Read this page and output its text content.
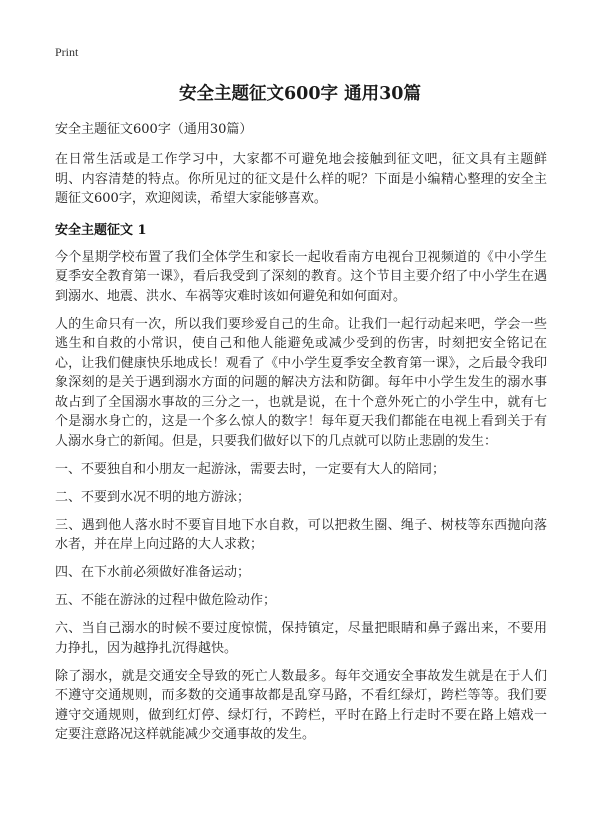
Print
安全主题征文600字 通用30篇
安全主题征文600字（通用30篇）

在日常生活或是工作学习中，大家都不可避免地会接触到征文吧，征文具有主题鲜明、内容清楚的特点。你所见过的征文是什么样的呢？下面是小编精心整理的安全主题征文600字，欢迎阅读，希望大家能够喜欢。

安全主题征文 1

今个星期学校布置了我们全体学生和家长一起收看南方电视台卫视频道的《中小学生夏季安全教育第一课》，看后我受到了深刻的教育。这个节目主要介绍了中小学生在遇到溺水、地震、洪水、车祸等灾难时该如何避免和如何面对。

人的生命只有一次，所以我们要珍爱自己的生命。让我们一起行动起来吧，学会一些逃生和自救的小常识，使自己和他人能避免或减少受到的伤害，时刻把安全铭记在心，让我们健康快乐地成长！观看了《中小学生夏季安全教育第一课》，之后最令我印象深刻的是关于遇到溺水方面的问题的解决方法和防御。每年中小学生发生的溺水事故占到了全国溺水事故的三分之一，也就是说，在十个意外死亡的小学生中，就有七个是溺水身亡的，这是一个多么惊人的数字！每年夏天我们都能在电视上看到关于有人溺水身亡的新闻。但是，只要我们做好以下的几点就可以防止悲剧的发生：

一、不要独自和小朋友一起游泳，需要去时，一定要有大人的陪同；

二、不要到水况不明的地方游泳；

三、遇到他人落水时不要盲目地下水自救，可以把救生圈、绳子、树枝等东西抛向落水者，并在岸上向过路的大人求救；

四、在下水前必须做好准备运动；

五、不能在游泳的过程中做危险动作；

六、当自己溺水的时候不要过度惊慌，保持镇定，尽量把眼睛和鼻子露出来，不要用力挣扎，因为越挣扎沉得越快。

除了溺水，就是交通安全导致的死亡人数最多。每年交通安全事故发生就是在于人们不遵守交通规则，而多数的交通事故都是乱穿马路，不看红绿灯，跨栏等等。我们要遵守交通规则，做到红灯停、绿灯行，不跨栏，平时在路上行走时不要在路上嬉戏一定要注意路况这样就能减少交通事故的发生。
